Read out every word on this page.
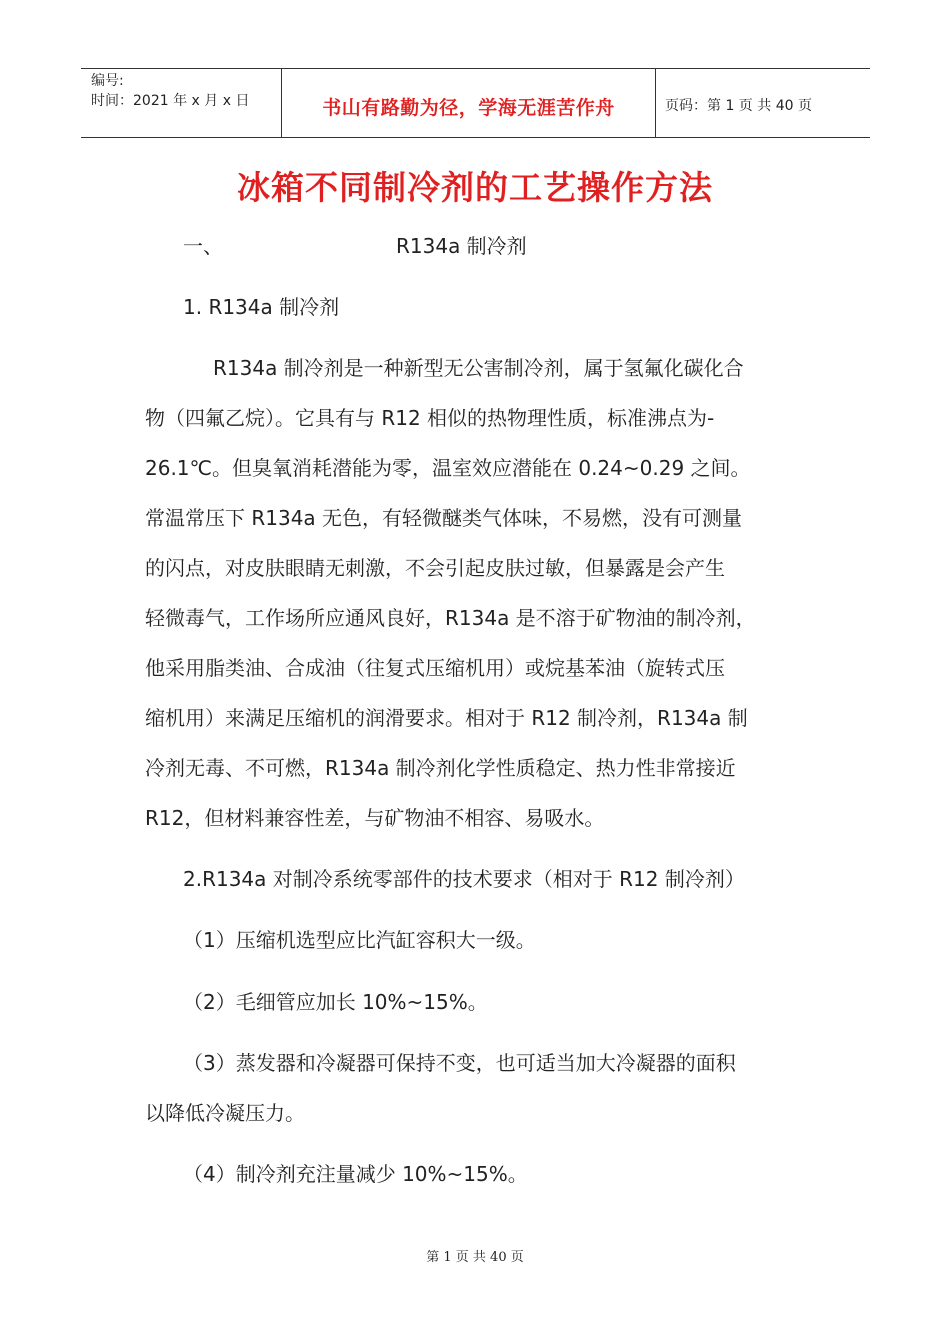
编号:
时间：2021 年 x 月 x 日	书山有路勤为径，学海无涯苦作舟	页码：第 1 页 共 40 页
冰箱不同制冷剂的工艺操作方法
一、	R134a 制冷剂
1. R134a 制冷剂
R134a 制冷剂是一种新型无公害制冷剂，属于氢氟化碳化合
物（四氟乙烷）。它具有与 R12 相似的热物理性质，标准沸点为-
26.1℃。但臭氧消耗潜能为零，温室效应潜能在 0.24~0.29 之间。
常温常压下 R134a 无色，有轻微醚类气体味，不易燃，没有可测量
的闪点，对皮肤眼睛无刺激，不会引起皮肤过敏，但暴露是会产生
轻微毒气，工作场所应通风良好，R134a 是不溶于矿物油的制冷剂，
他采用脂类油、合成油（往复式压缩机用）或烷基苯油（旋转式压
缩机用）来满足压缩机的润滑要求。相对于 R12 制冷剂，R134a 制
冷剂无毒、不可燃，R134a 制冷剂化学性质稳定、热力性非常接近
R12，但材料兼容性差，与矿物油不相容、易吸水。
2.R134a 对制冷系统零部件的技术要求（相对于 R12 制冷剂）
（1）压缩机选型应比汽缸容积大一级。
（2）毛细管应加长 10%~15%。
（3）蒸发器和冷凝器可保持不变，也可适当加大冷凝器的面积
以降低冷凝压力。
（4）制冷剂充注量减少 10%~15%。
第 1 页 共 40 页
